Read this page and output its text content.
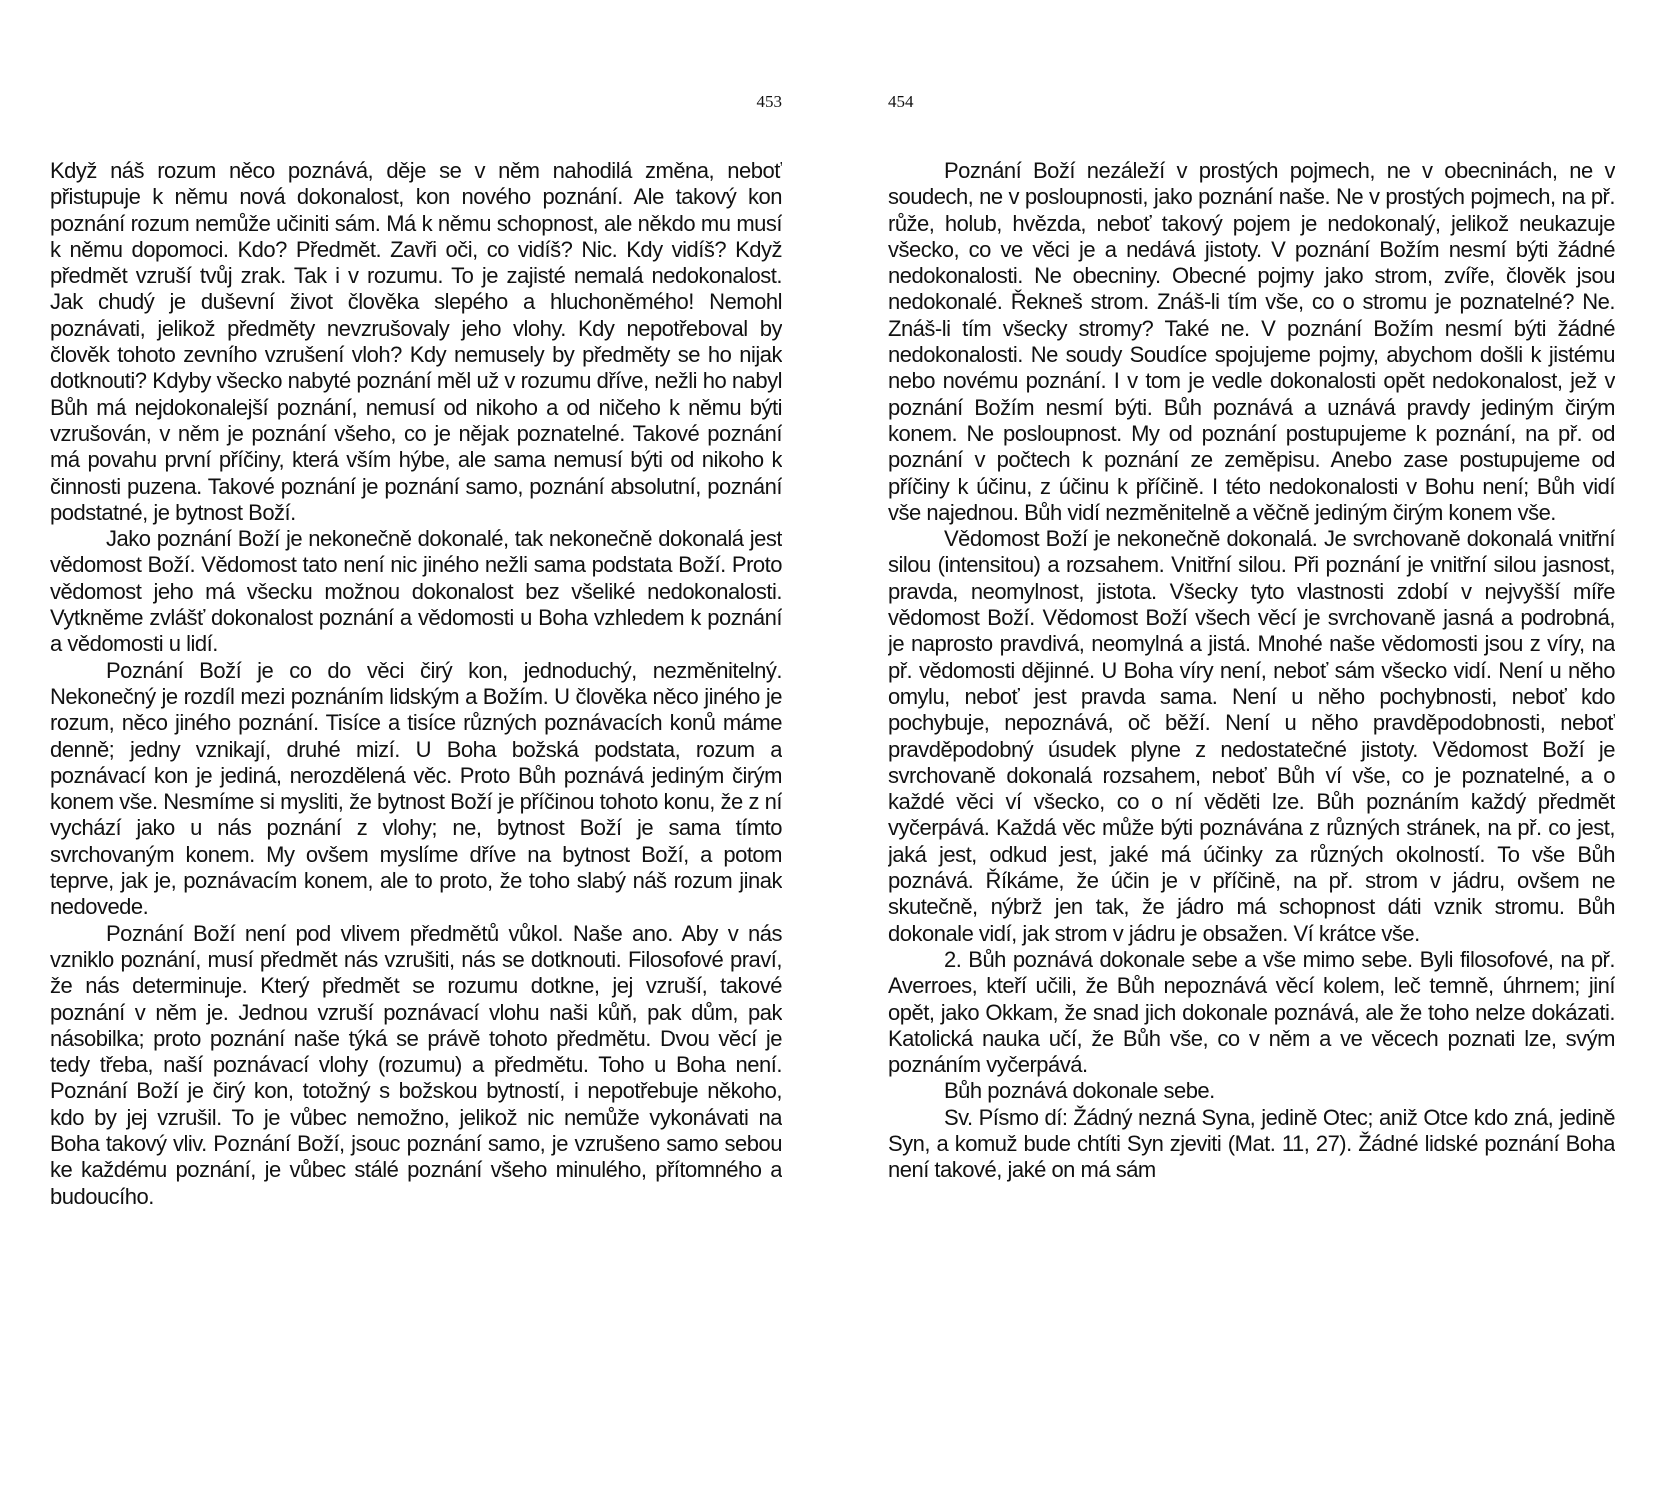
453

Když náš rozum něco poznává, děje se v něm nahodilá změna, neboť přistupuje k němu nová dokonalost, kon nového poznání. Ale takový kon poznání rozum nemůže učiniti sám. Má k němu schopnost, ale někdo mu musí k němu dopomoci. Kdo? Předmět. Zavři oči, co vidíš? Nic. Kdy vidíš? Když předmět vzruší tvůj zrak. Tak i v rozumu. To je zajisté nemalá nedokonalost. Jak chudý je duševní život člověka slepého a hluchoněmého! Nemohl poznávati, jelikož předměty nevzrušovaly jeho vlohy. Kdy nepotřeboval by člověk tohoto zevního vzrušení vloh? Kdy nemusely by předměty se ho nijak dotknouti? Kdyby všecko nabyté poznání měl už v rozumu dříve, nežli ho nabyl Bůh má nejdokonalejší poznání, nemusí od nikoho a od ničeho k němu býti vzrušován, v něm je poznání všeho, co je nějak poznatelné. Takové poznání má povahu první příčiny, která vším hýbe, ale sama nemusí býti od nikoho k činnosti puzena. Takové poznání je poznání samo, poznání absolutní, poznání podstatné, je bytnost Boží.

Jako poznání Boží je nekonečně dokonalé, tak nekonečně dokonalá jest vědomost Boží. Vědomost tato není nic jiného nežli sama podstata Boží. Proto vědomost jeho má všecku možnou dokonalost bez všeliké nedokonalosti. Vytkněme zvlášť dokonalost poznání a vědomosti u Boha vzhledem k poznání a vědomosti u lidí.

Poznání Boží je co do věci čirý kon, jednoduchý, nezměnitelný. Nekonečný je rozdíl mezi poznáním lidským a Božím. U člověka něco jiného je rozum, něco jiného poznání. Tisíce a tisíce různých poznávacích konů máme denně; jedny vznikají, druhé mizí. U Boha božská podstata, rozum a poznávací kon je jediná, nerozdělená věc. Proto Bůh poznává jediným čirým konem vše. Nesmíme si mysliti, že bytnost Boží je příčinou tohoto konu, že z ní vychází jako u nás poznání z vlohy; ne, bytnost Boží je sama tímto svrchovaným konem. My ovšem myslíme dříve na bytnost Boží, a potom teprve, jak je, poznávacím konem, ale to proto, že toho slabý náš rozum jinak nedovede.

Poznání Boží není pod vlivem předmětů vůkol. Naše ano. Aby v nás vzniklo poznání, musí předmět nás vzrušiti, nás se dotknouti. Filosofové praví, že nás determinuje. Který předmět se rozumu dotkne, jej vzruší, takové poznání v něm je. Jednou vzruší poznávací vlohu naši kůň, pak dům, pak násobilka; proto poznání naše týká se právě tohoto předmětu. Dvou věcí je tedy třeba, naší poznávací vlohy (rozumu) a předmětu. Toho u Boha není. Poznání Boží je čirý kon, totožný s božskou bytností, i nepotřebuje někoho, kdo by jej vzrušil. To je vůbec nemožno, jelikož nic nemůže vykonávati na Boha takový vliv. Poznání Boží, jsouc poznání samo, je vzrušeno samo sebou ke každému poznání, je vůbec stálé poznání všeho minulého, přítomného a budoucího.

454

Poznání Boží nezáleží v prostých pojmech, ne v obecninách, ne v soudech, ne v posloupnosti, jako poznání naše. Ne v prostých pojmech, na př. růže, holub, hvězda, neboť takový pojem je nedokonalý, jelikož neukazuje všecko, co ve věci je a nedává jistoty. V poznání Božím nesmí býti žádné nedokonalosti. Ne obecniny. Obecné pojmy jako strom, zvíře, člověk jsou nedokonalé. Řekneš strom. Znáš-li tím vše, co o stromu je poznatelné? Ne. Znáš-li tím všecky stromy? Také ne. V poznání Božím nesmí býti žádné nedokonalosti. Ne soudy Soudíce spojujeme pojmy, abychom došli k jistému nebo novému poznání. I v tom je vedle dokonalosti opět nedokonalost, jež v poznání Božím nesmí býti. Bůh poznává a uznává pravdy jediným čirým konem. Ne posloupnost. My od poznání postupujeme k poznání, na př. od poznání v počtech k poznání ze zeměpisu. Anebo zase postupujeme od příčiny k účinu, z účinu k příčině. I této nedokonalosti v Bohu není; Bůh vidí vše najednou. Bůh vidí nezměnitelně a věčně jediným čirým konem vše.

Vědomost Boží je nekonečně dokonalá. Je svrchovaně dokonalá vnitřní silou (intensitou) a rozsahem. Vnitřní silou. Při poznání je vnitřní silou jasnost, pravda, neomylnost, jistota. Všecky tyto vlastnosti zdobí v nejvyšší míře vědomost Boží. Vědomost Boží všech věcí je svrchovaně jasná a podrobná, je naprosto pravdivá, neomylná a jistá. Mnohé naše vědomosti jsou z víry, na př. vědomosti dějinné. U Boha víry není, neboť sám všecko vidí. Není u něho omylu, neboť jest pravda sama. Není u něho pochybnosti, neboť kdo pochybuje, nepoznává, oč běží. Není u něho pravděpodobnosti, neboť pravděpodobný úsudek plyne z nedostatečné jistoty. Vědomost Boží je svrchovaně dokonalá rozsahem, neboť Bůh ví vše, co je poznatelné, a o každé věci ví všecko, co o ní věděti lze. Bůh poznáním každý předmět vyčerpává. Každá věc může býti poznávána z různých stránek, na př. co jest, jaká jest, odkud jest, jaké má účinky za různých okolností. To vše Bůh poznává. Říkáme, že účin je v příčině, na př. strom v jádru, ovšem ne skutečně, nýbrž jen tak, že jádro má schopnost dáti vznik stromu. Bůh dokonale vidí, jak strom v jádru je obsažen. Ví krátce vše.

2. Bůh poznává dokonale sebe a vše mimo sebe. Byli filosofové, na př. Averroes, kteří učili, že Bůh nepoznává věcí kolem, leč temně, úhrnem; jiní opět, jako Okkam, že snad jich dokonale poznává, ale že toho nelze dokázati. Katolická nauka učí, že Bůh vše, co v něm a ve věcech poznati lze, svým poznáním vyčerpává.

Bůh poznává dokonale sebe.

Sv. Písmo dí: Žádný nezná Syna, jedině Otec; aniž Otce kdo zná, jedině Syn, a komuž bude chtíti Syn zjeviti (Mat. 11, 27). Žádné lidské poznání Boha není takové, jaké on má sám
